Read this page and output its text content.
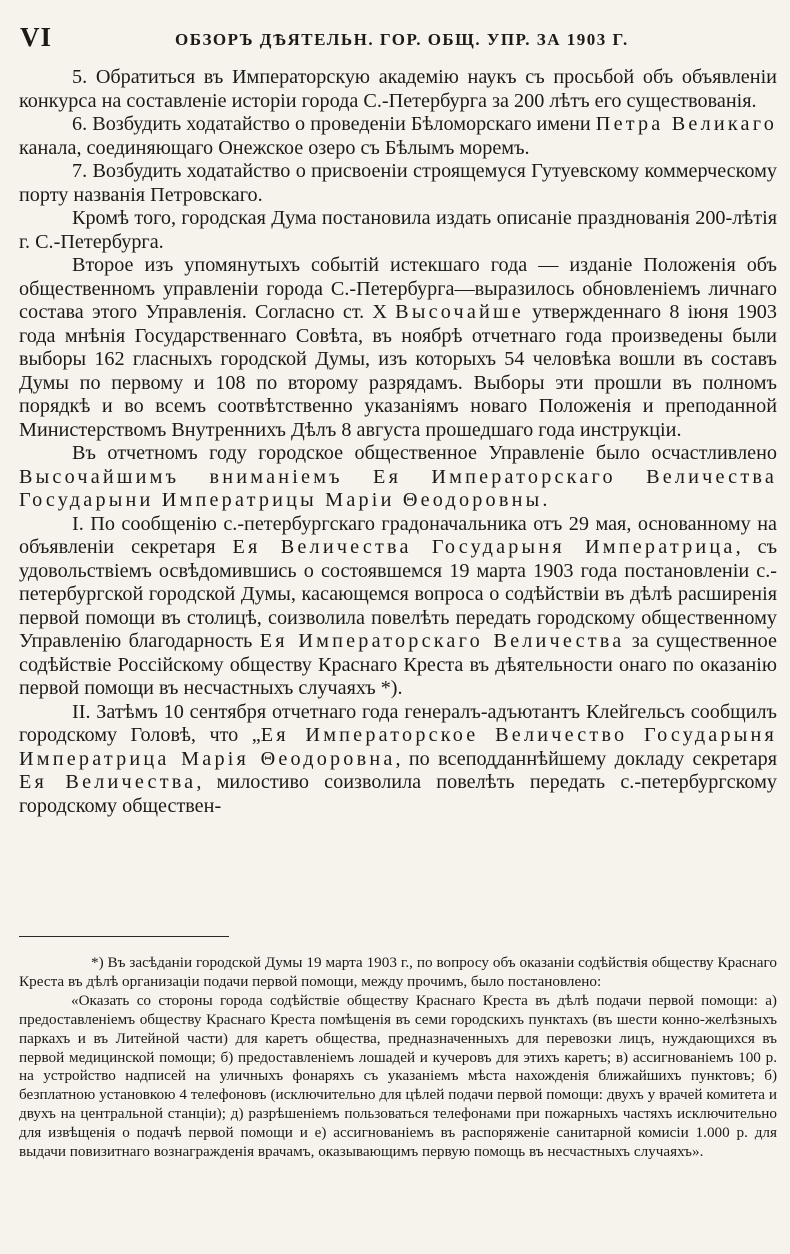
VI	ОБЗОРЪ ДѢЯТЕЛЬН. ГОР. ОБЩ. УПР. ЗА 1903 Г.

5. Обратиться въ Императорскую академію наукъ съ просьбой объ объявленіи конкурса на составленіе исторіи города С.-Петербурга за 200 лѣтъ его существованія.

6. Возбудить ходатайство о проведеніи Бѣломорскаго имени Петра Великаго канала, соединяющаго Онежское озеро съ Бѣлымъ моремъ.

7. Возбудить ходатайство о присвоеніи строящемуся Гутуевскому коммерческому порту названія Петровскаго.

Кромѣ того, городская Дума постановила издать описаніе празднованія 200-лѣтія г. С.-Петербурга.

Второе изъ упомянутыхъ событій истекшаго года — изданіе Положенія объ общественномъ управленіи города С.-Петербурга—выразилось обновленіемъ личнаго состава этого Управленія. Согласно ст. X Высочайше утвержденнаго 8 іюня 1903 года мнѣнія Государственнаго Совѣта, въ ноябрѣ отчетнаго года произведены были выборы 162 гласныхъ городской Думы, изъ которыхъ 54 человѣка вошли въ составъ Думы по первому и 108 по второму разрядамъ. Выборы эти прошли въ полномъ порядкѣ и во всемъ соотвѣтственно указаніямъ новаго Положенія и преподанной Министерствомъ Внутреннихъ Дѣлъ 8 августа прошедшаго года инструкціи.

Въ отчетномъ году городское общественное Управленіе было осчастливлено Высочайшимъ вниманіемъ Ея Императорскаго Величества Государыни Императрицы Маріи Θеодоровны.

I. По сообщенію с.-петербургскаго градоначальника отъ 29 мая, основанному на объявленіи секретаря Ея Величества Государыня Императрица, съ удовольствіемъ освѣдомившись о состоявшемся 19 марта 1903 года постановленіи с.-петербургской городской Думы, касающемся вопроса о содѣйствіи въ дѣлѣ расширенія первой помощи въ столицѣ, соизволила повелѣть передать городскому общественному Управленію благодарность Ея Императорскаго Величества за существенное содѣйствіе Россійскому обществу Краснаго Креста въ дѣятельности онаго по оказанію первой помощи въ несчастныхъ случаяхъ *).

II. Затѣмъ 10 сентября отчетнаго года генералъ-адъютантъ Клейгельсъ сообщилъ городскому Головѣ, что „Ея Императорское Величество Государыня Императрица Марія Θеодоровна, по всеподданнѣйшему докладу секретаря Ея Величества, милостиво соизволила повелѣть передать с.-петербургскому городскому обществен-

*) Въ засѣданіи городской Думы 19 марта 1903 г., по вопросу объ оказаніи содѣйствія обществу Краснаго Креста въ дѣлѣ организаціи подачи первой помощи, между прочимъ, было постановлено:

«Оказать со стороны города содѣйствіе обществу Краснаго Креста въ дѣлѣ подачи первой помощи: а) предоставленіемъ обществу Краснаго Креста помѣщенія въ семи городскихъ пунктахъ (въ шести конно-желѣзныхъ паркахъ и въ Литейной части) для каретъ общества, предназначенныхъ для перевозки лицъ, нуждающихся въ первой медицинской помощи; б) предоставленіемъ лошадей и кучеровъ для этихъ каретъ; в) ассигнованіемъ 100 р. на устройство надписей на уличныхъ фонаряхъ съ указаніемъ мѣста нахожденія ближайшихъ пунктовъ; б) безплатною установкою 4 телефоновъ (исключительно для цѣлей подачи первой помощи: двухъ у врачей комитета и двухъ на центральной станціи); д) разрѣшеніемъ пользоваться телефонами при пожарныхъ частяхъ исключительно для извѣщенія о подачѣ первой помощи и е) ассигнованіемъ въ распоряженіе санитарной комисіи 1.000 р. для выдачи повизитнаго вознагражденія врачамъ, оказывающимъ первую помощь въ несчастныхъ случаяхъ».
